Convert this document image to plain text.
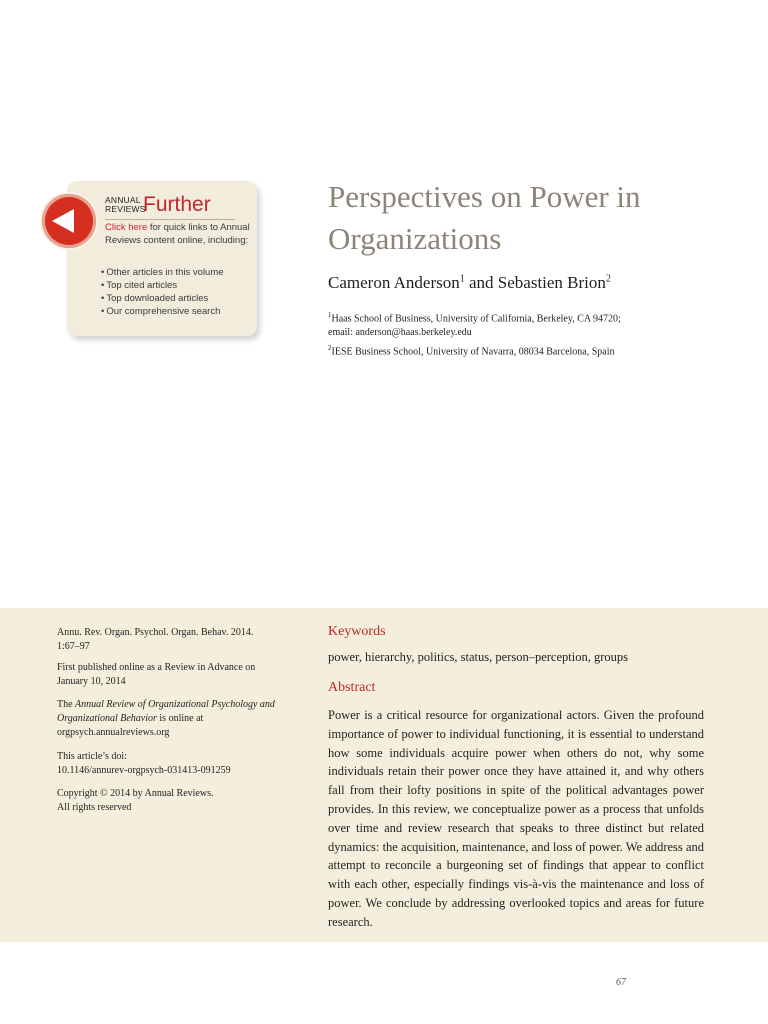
ANNUAL
REVIEWS
Further
Click here for quick links to Annual Reviews content online, including:
• Other articles in this volume
• Top cited articles
• Top downloaded articles
• Our comprehensive search
Perspectives on Power in Organizations
Cameron Anderson$^1$ and Sebastien Brion$^2$
$^1$Haas School of Business, University of California, Berkeley, CA 94720;
email: anderson@haas.berkeley.edu
$^2$IESE Business School, University of Navarra, 08034 Barcelona, Spain
Annu. Rev. Organ. Psychol. Organ. Behav. 2014.
1:67–97
First published online as a Review in Advance on
January 10, 2014
The Annual Review of Organizational Psychology and Organizational Behavior is online at orgpsych.annualreviews.org
This article’s doi:
10.1146/annurev-orgpsych-031413-091259
Copyright © 2014 by Annual Reviews.
All rights reserved
Keywords
power, hierarchy, politics, status, person–perception, groups
Abstract

Power is a critical resource for organizational actors. Given the profound importance of power to individual functioning, it is essential to understand how some individuals acquire power when others do not, why some individuals retain their power once they have attained it, and why others fall from their lofty positions in spite of the political advantages power provides. In this review, we conceptualize power as a process that unfolds over time and review research that speaks to three distinct but related dynamics: the acquisition, maintenance, and loss of power. We address and attempt to reconcile a burgeoning set of findings that appear to conflict with each other, especially findings vis-à-vis the maintenance and loss of power. We conclude by addressing overlooked topics and areas for future research.

67
